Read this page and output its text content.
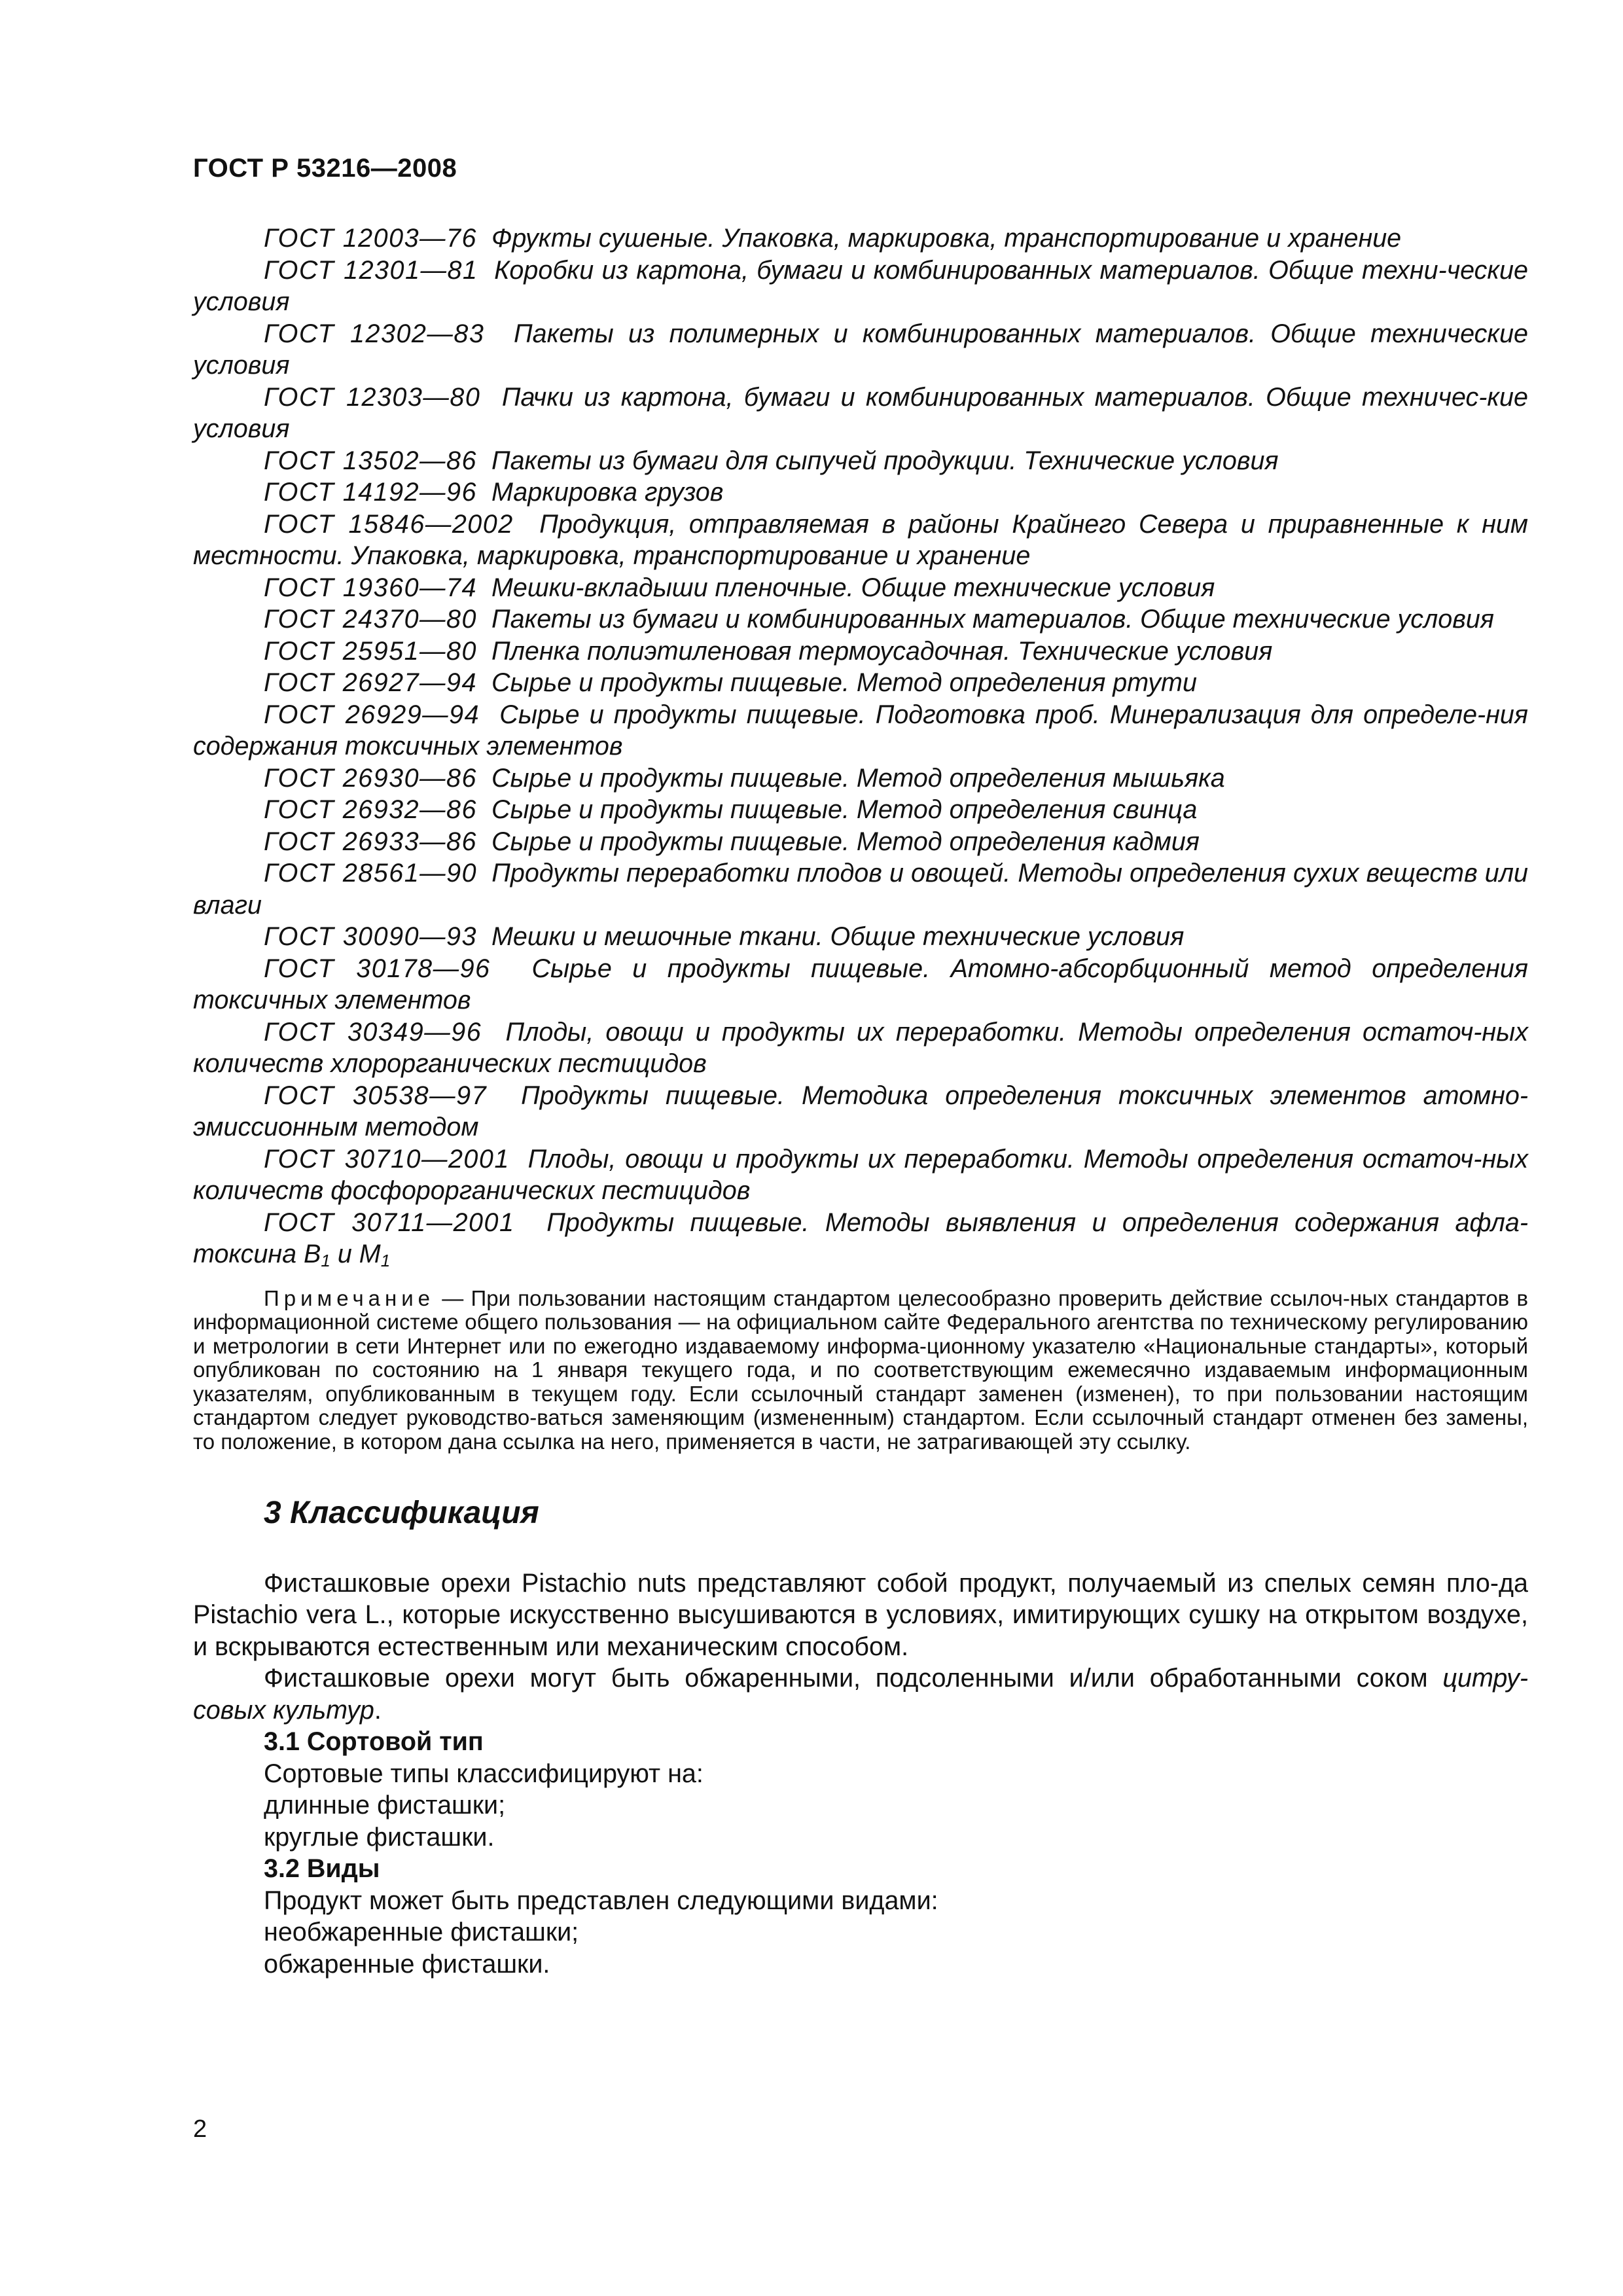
ГОСТ Р 53216—2008

ГОСТ 12003—76 Фрукты сушеные. Упаковка, маркировка, транспортирование и хранение

ГОСТ 12301—81 Коробки из картона, бумаги и комбинированных материалов. Общие техни-ческие условия

ГОСТ 12302—83 Пакеты из полимерных и комбинированных материалов. Общие технические условия

ГОСТ 12303—80 Пачки из картона, бумаги и комбинированных материалов. Общие техничес-кие условия

ГОСТ 13502—86 Пакеты из бумаги для сыпучей продукции. Технические условия

ГОСТ 14192—96 Маркировка грузов

ГОСТ 15846—2002 Продукция, отправляемая в районы Крайнего Севера и приравненные к ним местности. Упаковка, маркировка, транспортирование и хранение

ГОСТ 19360—74 Мешки-вкладыши пленочные. Общие технические условия

ГОСТ 24370—80 Пакеты из бумаги и комбинированных материалов. Общие технические условия

ГОСТ 25951—80 Пленка полиэтиленовая термоусадочная. Технические условия

ГОСТ 26927—94 Сырье и продукты пищевые. Метод определения ртути

ГОСТ 26929—94 Сырье и продукты пищевые. Подготовка проб. Минерализация для определе-ния содержания токсичных элементов

ГОСТ 26930—86 Сырье и продукты пищевые. Метод определения мышьяка

ГОСТ 26932—86 Сырье и продукты пищевые. Метод определения свинца

ГОСТ 26933—86 Сырье и продукты пищевые. Метод определения кадмия

ГОСТ 28561—90 Продукты переработки плодов и овощей. Методы определения сухих веществ или влаги

ГОСТ 30090—93 Мешки и мешочные ткани. Общие технические условия

ГОСТ 30178—96 Сырье и продукты пищевые. Атомно-абсорбционный метод определения токсичных элементов

ГОСТ 30349—96 Плоды, овощи и продукты их переработки. Методы определения остаточ-ных количеств хлорорганических пестицидов

ГОСТ 30538—97 Продукты пищевые. Методика определения токсичных элементов атомно-эмиссионным методом

ГОСТ 30710—2001 Плоды, овощи и продукты их переработки. Методы определения остаточ-ных количеств фосфорорганических пестицидов

ГОСТ 30711—2001 Продукты пищевые. Методы выявления и определения содержания афла-токсина $В_1$ и $М_1$

Примечание — При пользовании настоящим стандартом целесообразно проверить действие ссылоч-ных стандартов в информационной системе общего пользования — на официальном сайте Федерального агентства по техническому регулированию и метрологии в сети Интернет или по ежегодно издаваемому информа-ционному указателю «Национальные стандарты», который опубликован по состоянию на 1 января текущего года, и по соответствующим ежемесячно издаваемым информационным указателям, опубликованным в текущем году. Если ссылочный стандарт заменен (изменен), то при пользовании настоящим стандартом следует руководство-ваться заменяющим (измененным) стандартом. Если ссылочный стандарт отменен без замены, то положение, в котором дана ссылка на него, применяется в части, не затрагивающей эту ссылку.

3 Классификация

Фисташковые орехи Pistachio nuts представляют собой продукт, получаемый из спелых семян пло-да Pistachio vera L., которые искусственно высушиваются в условиях, имитирующих сушку на открытом воздухе, и вскрываются естественным или механическим способом.

Фисташковые орехи могут быть обжаренными, подсоленными и/или обработанными соком цитру-совых культур.

3.1 Сортовой тип

Сортовые типы классифицируют на:

длинные фисташки;

круглые фисташки.

3.2 Виды

Продукт может быть представлен следующими видами:

необжаренные фисташки;

обжаренные фисташки.

2
